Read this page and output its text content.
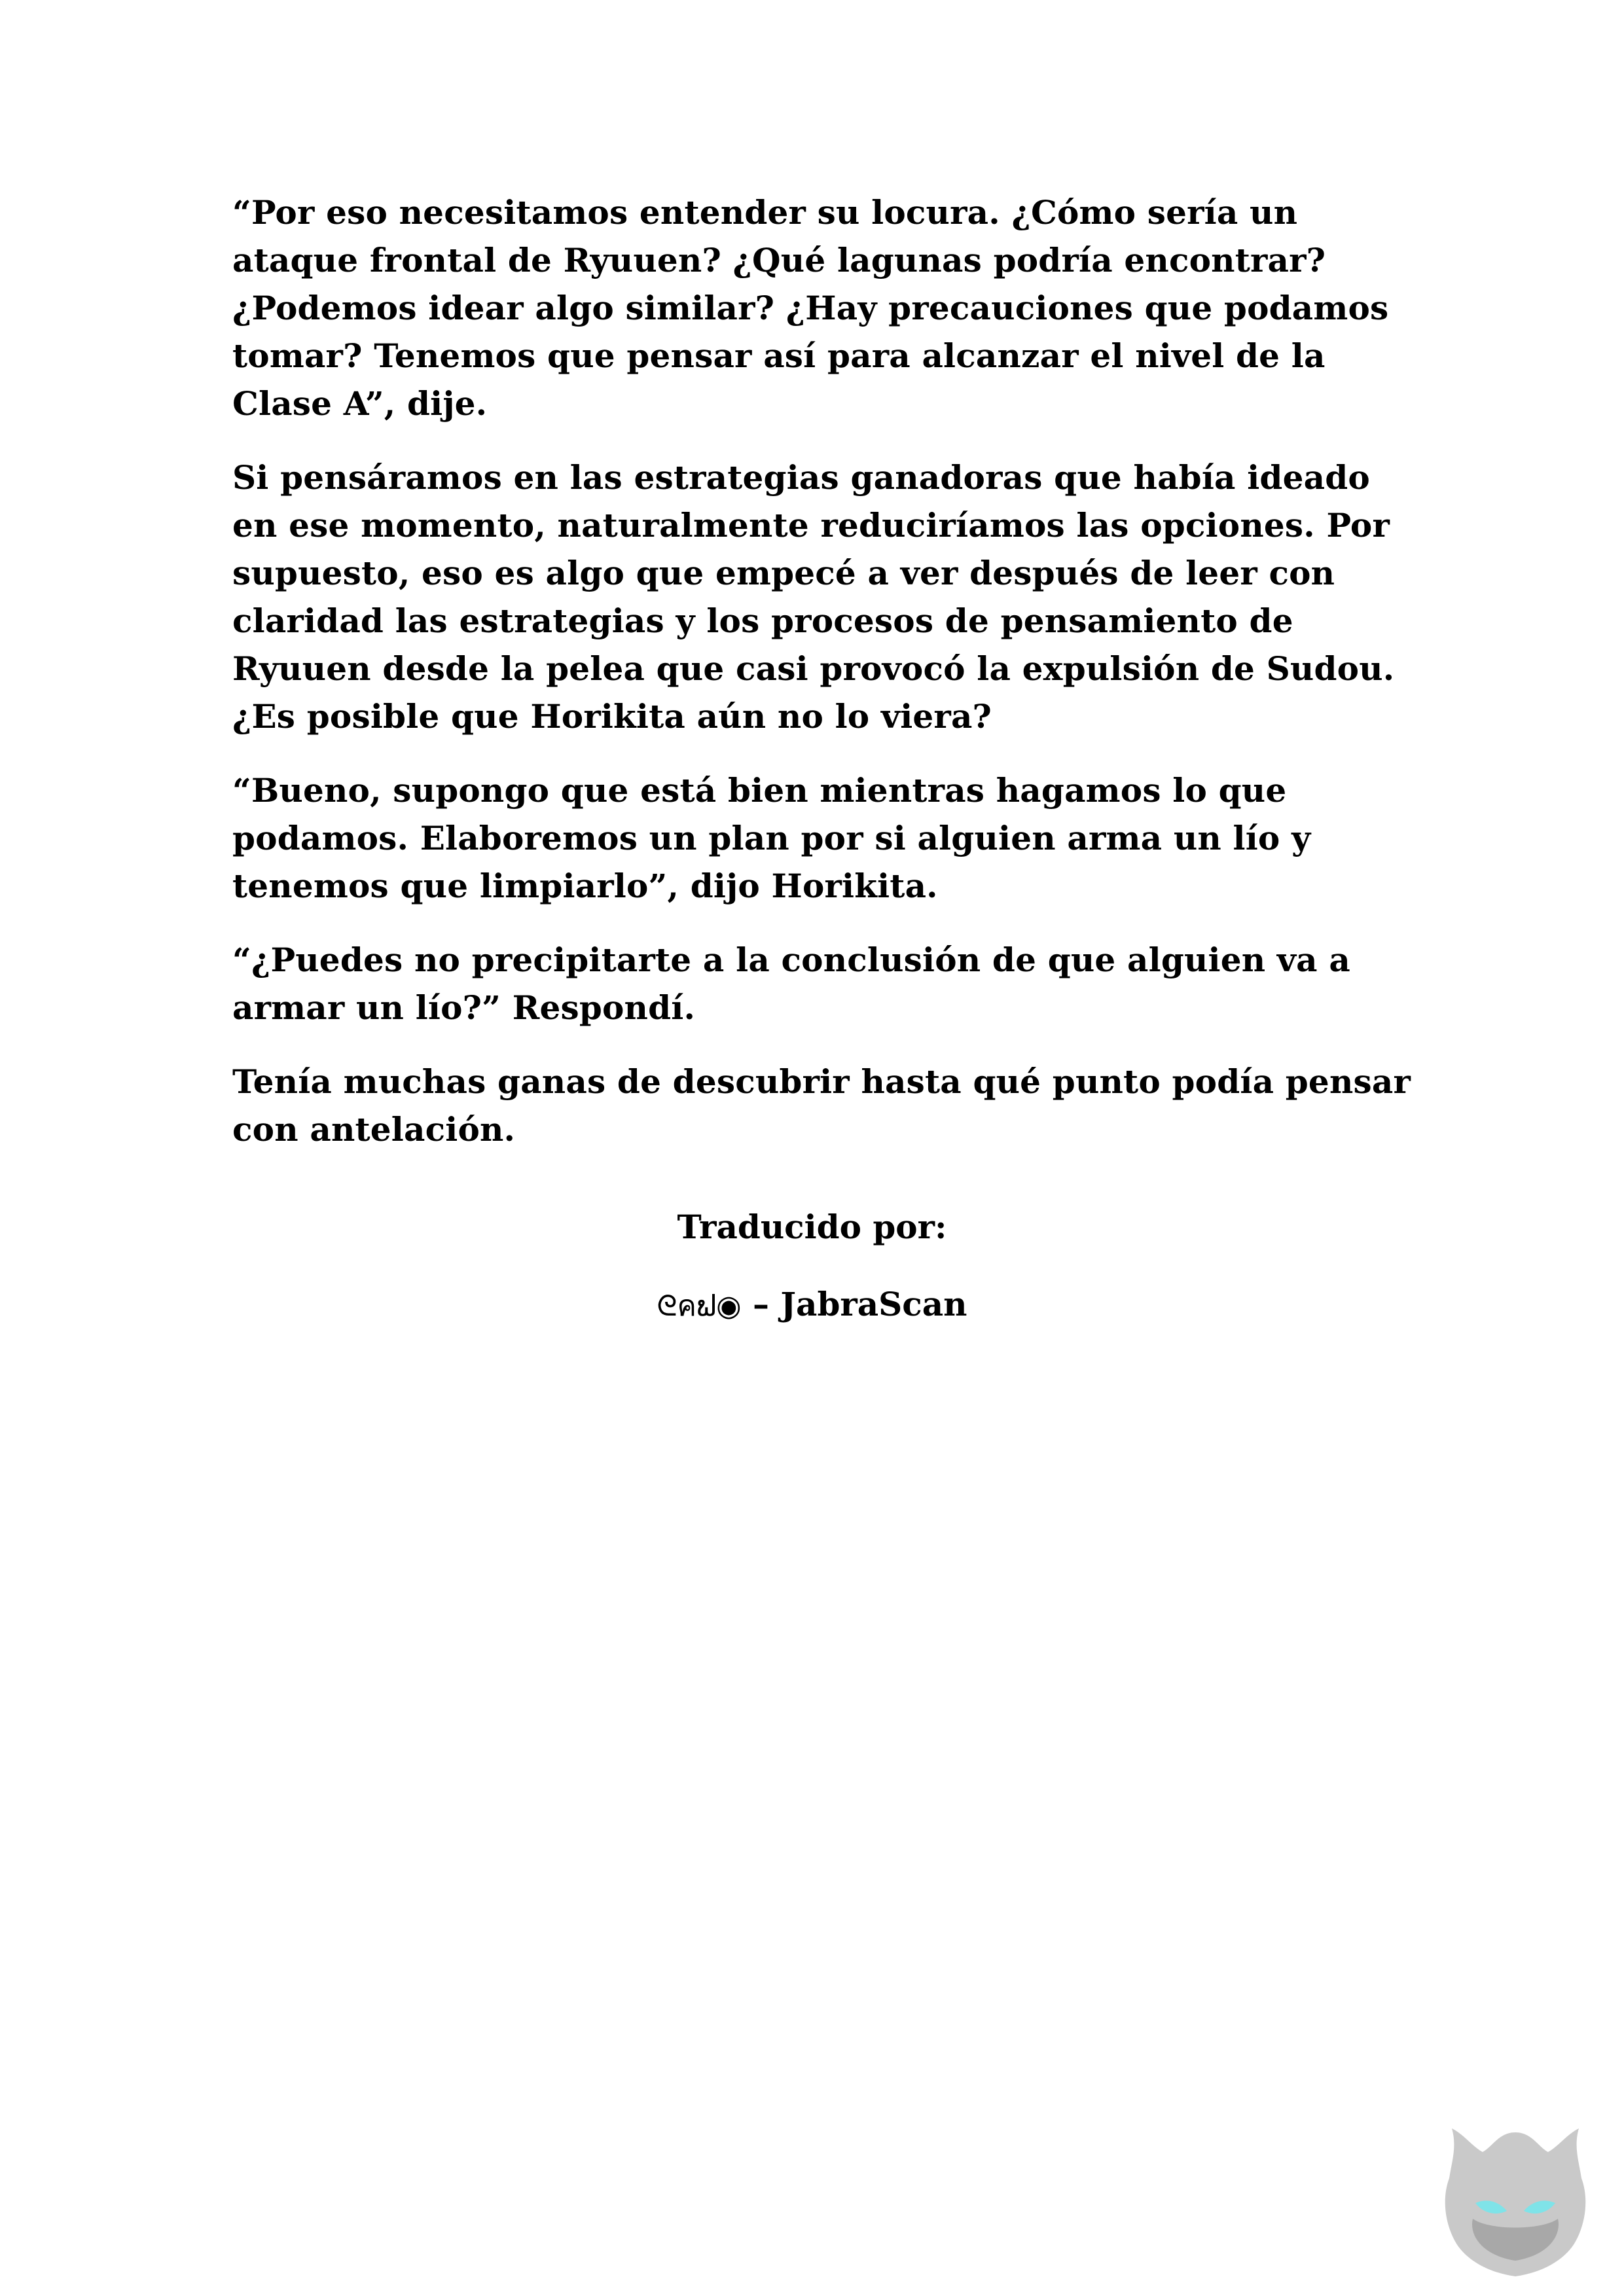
“Por eso necesitamos entender su locura. ¿Cómo sería un ataque frontal de Ryuuen? ¿Qué lagunas podría encontrar? ¿Podemos idear algo similar? ¿Hay precauciones que podamos tomar? Tenemos que pensar así para alcanzar el nivel de la Clase A”, dije.

Si pensáramos en las estrategias ganadoras que había ideado en ese momento, naturalmente reduciríamos las opciones. Por supuesto, eso es algo que empecé a ver después de leer con claridad las estrategias y los procesos de pensamiento de Ryuuen desde la pelea que casi provocó la expulsión de Sudou. ¿Es posible que Horikita aún no lo viera?

“Bueno, supongo que está bien mientras hagamos lo que podamos. Elaboremos un plan por si alguien arma un lío y tenemos que limpiarlo”, dijo Horikita.

“¿Puedes no precipitarte a la conclusión de que alguien va a armar un lío?” Respondí.

Tenía muchas ganas de descubrir hasta qué punto podía pensar con antelación.

Traducido por:
ᘓคຟ◉ – JabraScan
